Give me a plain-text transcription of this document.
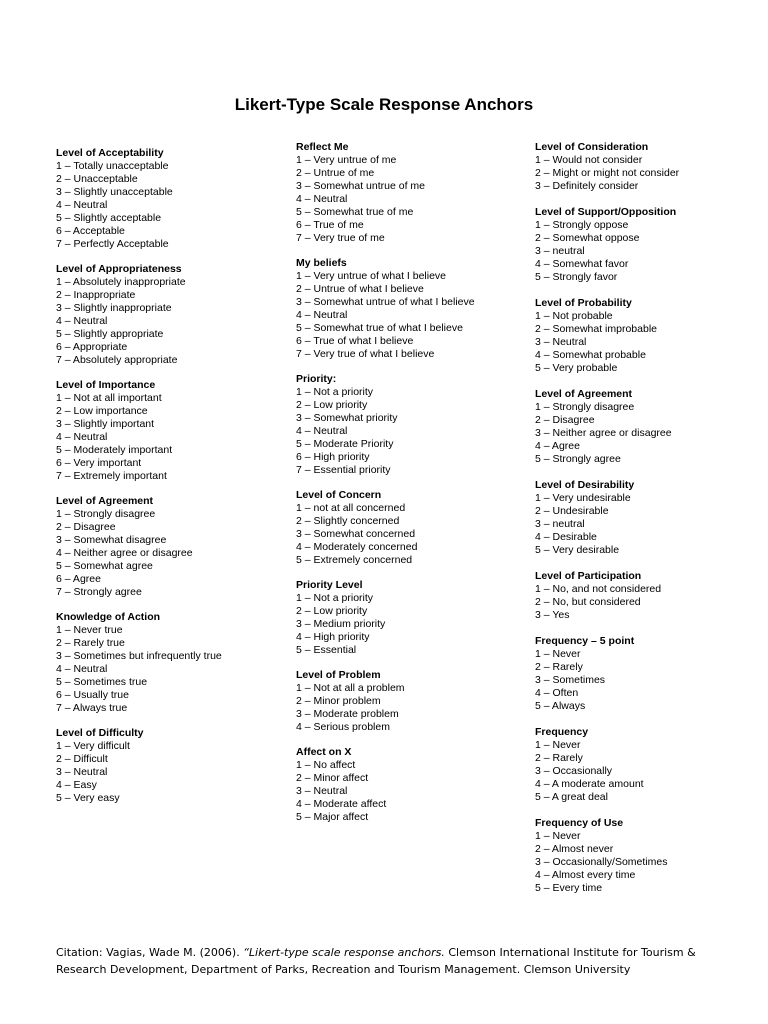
Likert-Type Scale Response Anchors
Level of Acceptability
1 – Totally unacceptable
2 – Unacceptable
3 – Slightly unacceptable
4 – Neutral
5 – Slightly acceptable
6 – Acceptable
7 – Perfectly Acceptable
Level of Appropriateness
1 – Absolutely inappropriate
2 – Inappropriate
3 – Slightly inappropriate
4 – Neutral
5 – Slightly appropriate
6 – Appropriate
7 – Absolutely appropriate
Level of Importance
1 – Not at all important
2 – Low importance
3 – Slightly important
4 – Neutral
5 – Moderately important
6 – Very important
7 – Extremely important
Level of Agreement
1 – Strongly disagree
2 – Disagree
3 – Somewhat disagree
4 – Neither agree or disagree
5 – Somewhat agree
6 – Agree
7 – Strongly agree
Knowledge of Action
1 – Never true
2 – Rarely true
3 – Sometimes but infrequently true
4 – Neutral
5 – Sometimes true
6 – Usually true
7 – Always true
Level of Difficulty
1 – Very difficult
2 – Difficult
3 – Neutral
4 – Easy
5 – Very easy
Reflect Me
1 – Very untrue of me
2 – Untrue of me
3 – Somewhat untrue of me
4 – Neutral
5 – Somewhat true of me
6 – True of me
7 – Very true of me
My beliefs
1 – Very untrue of what I believe
2 – Untrue of what I believe
3 – Somewhat untrue of what I believe
4 – Neutral
5 – Somewhat true of what I believe
6 – True of what I believe
7 – Very true of what I believe
Priority:
1 – Not a priority
2 – Low priority
3 – Somewhat priority
4 – Neutral
5 – Moderate Priority
6 – High priority
7 – Essential priority
Level of Concern
1 – not at all concerned
2 – Slightly concerned
3 – Somewhat concerned
4 – Moderately concerned
5 – Extremely concerned
Priority Level
1 – Not a priority
2 – Low priority
3 – Medium priority
4 – High priority
5 – Essential
Level of Problem
1 – Not at all a problem
2 – Minor problem
3 – Moderate problem
4 – Serious problem
Affect on X
1 – No affect
2 – Minor affect
3 – Neutral
4 – Moderate affect
5 – Major affect
Level of Consideration
1 – Would not consider
2 – Might or might not consider
3 – Definitely consider
Level of Support/Opposition
1 – Strongly oppose
2 – Somewhat oppose
3 – neutral
4 – Somewhat favor
5 – Strongly favor
Level of Probability
1 – Not probable
2 – Somewhat improbable
3 – Neutral
4 – Somewhat probable
5 – Very probable
Level of Agreement
1 – Strongly disagree
2 – Disagree
3 – Neither agree or disagree
4 – Agree
5 – Strongly agree
Level of Desirability
1 – Very undesirable
2 – Undesirable
3 – neutral
4 – Desirable
5 – Very desirable
Level of Participation
1 – No, and not considered
2 – No, but considered
3 – Yes
Frequency – 5 point
1 – Never
2 – Rarely
3 – Sometimes
4 – Often
5 – Always
Frequency
1 – Never
2 – Rarely
3 – Occasionally
4 – A moderate amount
5 – A great deal
Frequency of Use
1 – Never
2 – Almost never
3 – Occasionally/Sometimes
4 – Almost every time
5 – Every time
Citation: Vagias, Wade M. (2006). “Likert-type scale response anchors. Clemson International Institute for Tourism & Research Development, Department of Parks, Recreation and Tourism Management. Clemson University
